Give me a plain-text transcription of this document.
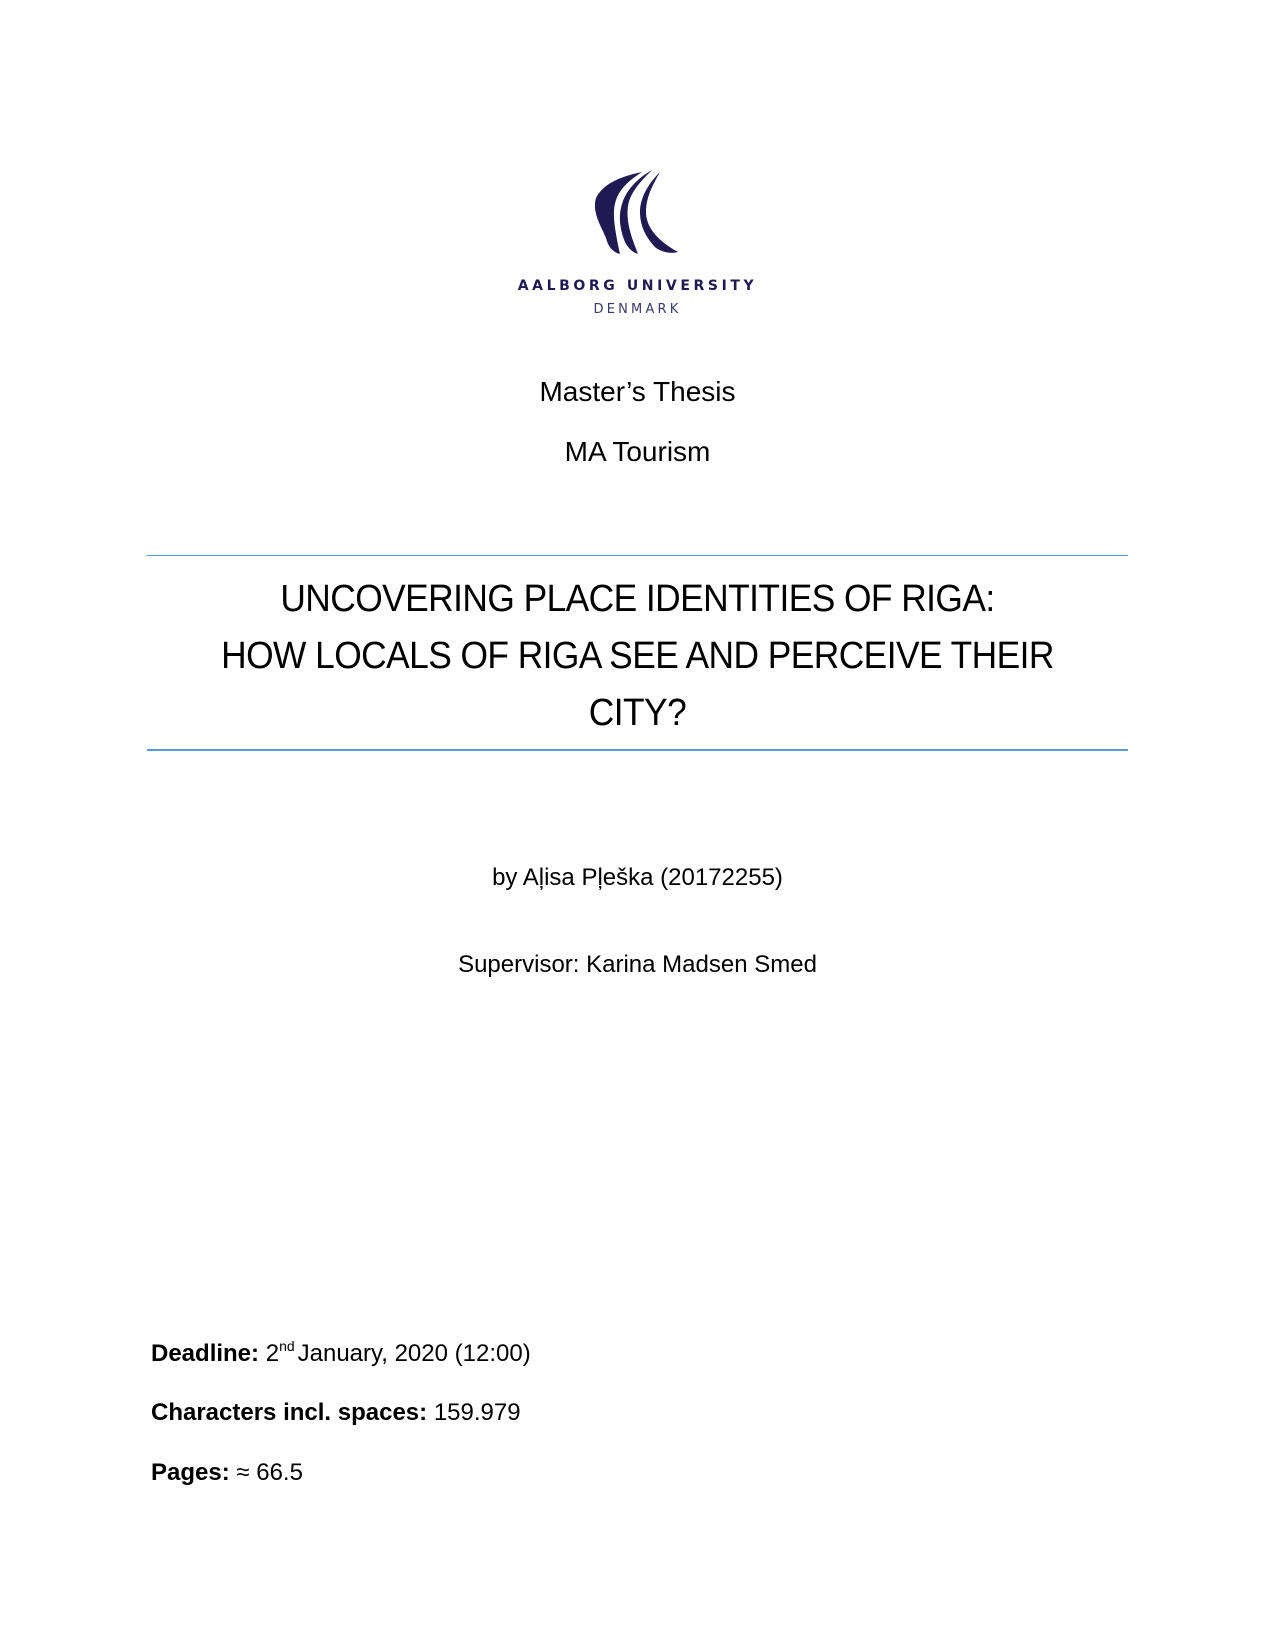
AALBORG UNIVERSITY
DENMARK
Master’s Thesis
MA Tourism
UNCOVERING PLACE IDENTITIES OF RIGA:
HOW LOCALS OF RIGA SEE AND PERCEIVE THEIR
CITY?
by Aļisa Pļeška (20172255)
Supervisor: Karina Madsen Smed
Deadline: 2nd January, 2020 (12:00)
Characters incl. spaces: 159.979
Pages: ≈ 66.5
